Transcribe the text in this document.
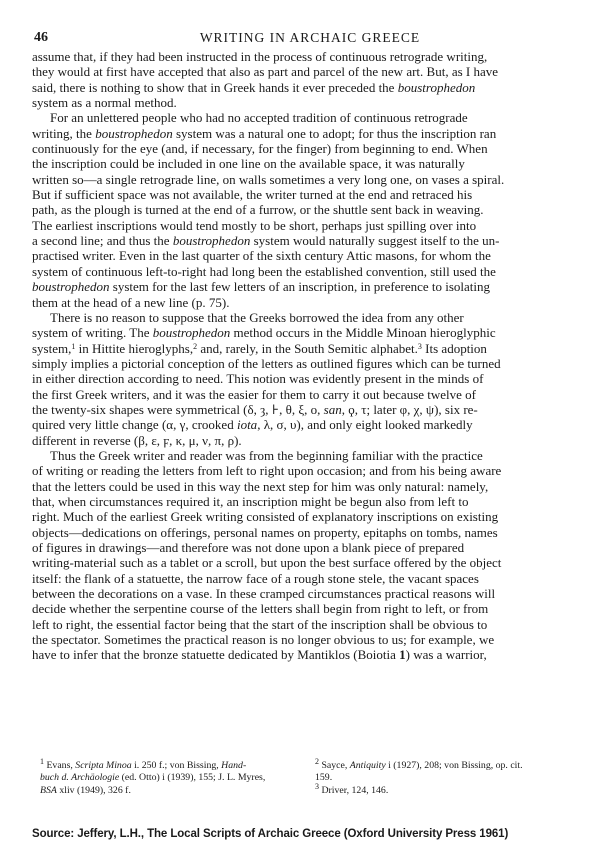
46	WRITING IN ARCHAIC GREECE

assume that, if they had been instructed in the process of continuous retrograde writing,
they would at first have accepted that also as part and parcel of the new art. But, as I have
said, there is nothing to show that in Greek hands it ever preceded the boustrophedon
system as a normal method.

For an unlettered people who had no accepted tradition of continuous retrograde
writing, the boustrophedon system was a natural one to adopt; for thus the inscription ran
continuously for the eye (and, if necessary, for the finger) from beginning to end. When
the inscription could be included in one line on the available space, it was naturally
written so—a single retrograde line, on walls sometimes a very long one, on vases a spiral.
But if sufficient space was not available, the writer turned at the end and retraced his
path, as the plough is turned at the end of a furrow, or the shuttle sent back in weaving.
The earliest inscriptions would tend mostly to be short, perhaps just spilling over into
a second line; and thus the boustrophedon system would naturally suggest itself to the un-
practised writer. Even in the last quarter of the sixth century Attic masons, for whom the
system of continuous left-to-right had long been the established convention, still used the
boustrophedon system for the last few letters of an inscription, in preference to isolating
them at the head of a new line (p. 75).

There is no reason to suppose that the Greeks borrowed the idea from any other
system of writing. The boustrophedon method occurs in the Middle Minoan hieroglyphic
system,$^1$ in Hittite hieroglyphs,$^2$ and, rarely, in the South Semitic alphabet.$^3$ Its adoption
simply implies a pictorial conception of the letters as outlined figures which can be turned
in either direction according to need. This notion was evidently present in the minds of
the first Greek writers, and it was the easier for them to carry it out because twelve of
the twenty-six shapes were symmetrical (δ, ȝ, ⊦, θ, ξ, ο, san, ϙ, τ; later φ, χ, ψ), six re-
quired very little change (α, γ, crooked iota, λ, σ, υ), and only eight looked markedly
different in reverse (β, ε, ϝ, κ, μ, ν, π, ρ).

Thus the Greek writer and reader was from the beginning familiar with the practice
of writing or reading the letters from left to right upon occasion; and from his being aware
that the letters could be used in this way the next step for him was only natural: namely,
that, when circumstances required it, an inscription might be begun also from left to
right. Much of the earliest Greek writing consisted of explanatory inscriptions on existing
objects—dedications on offerings, personal names on property, epitaphs on tombs, names
of figures in drawings—and therefore was not done upon a blank piece of prepared
writing-material such as a tablet or a scroll, but upon the best surface offered by the object
itself: the flank of a statuette, the narrow face of a rough stone stele, the vacant spaces
between the decorations on a vase. In these cramped circumstances practical reasons will
decide whether the serpentine course of the letters shall begin from right to left, or from
left to right, the essential factor being that the start of the inscription shall be obvious to
the spectator. Sometimes the practical reason is no longer obvious to us; for example, we
have to infer that the bronze statuette dedicated by Mantiklos (Boiotia 1) was a warrior,

$^1$ Evans, Scripta Minoa i. 250 f.; von Bissing, Hand-
buch d. Archäologie (ed. Otto) i (1939), 155; J. L. Myres,
BSA xliv (1949), 326 f.
$^2$ Sayce, Antiquity i (1927), 208; von Bissing, op. cit.
159.
$^3$ Driver, 124, 146.
Source: Jeffery, L.H., The Local Scripts of Archaic Greece (Oxford University Press 1961)
